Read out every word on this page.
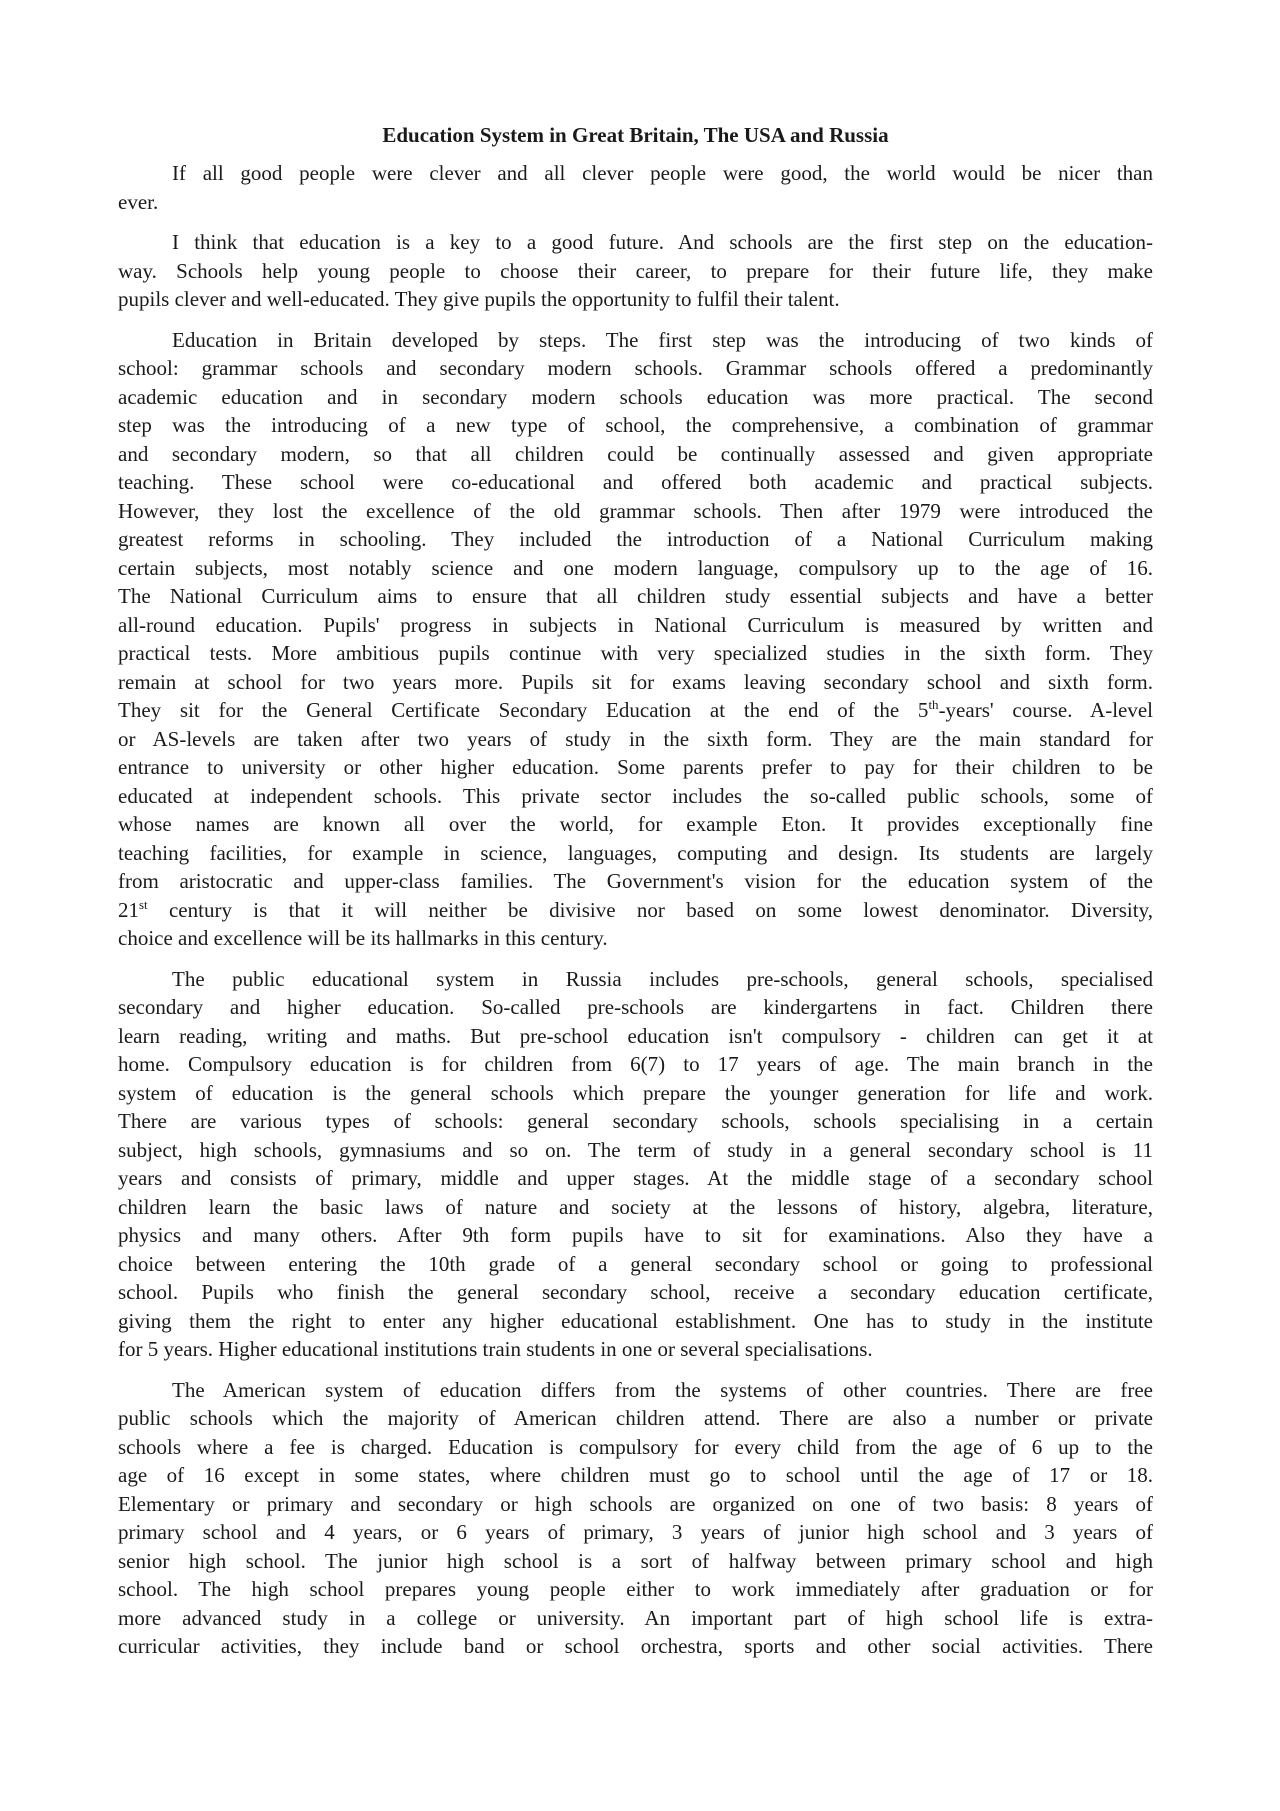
Education System in Great Britain, The USA and Russia
If all good people were clever and all clever people were good, the world would be nicer than
ever.
I think that education is a key to a good future. And schools are the first step on the education-
way. Schools help young people to choose their career, to prepare for their future life, they make
pupils clever and well-educated. They give pupils the opportunity to fulfil their talent.
Education in Britain developed by steps. The first step was the introducing of two kinds of
school: grammar schools and secondary modern schools. Grammar schools offered a predominantly
academic education and in secondary modern schools education was more practical. The second
step was the introducing of a new type of school, the comprehensive, a combination of grammar
and secondary modern, so that all children could be continually assessed and given appropriate
teaching. These school were co-educational and offered both academic and practical subjects.
However, they lost the excellence of the old grammar schools. Then after 1979 were introduced the
greatest reforms in schooling. They included the introduction of a National Curriculum making
certain subjects, most notably science and one modern language, compulsory up to the age of 16.
The National Curriculum aims to ensure that all children study essential subjects and have a better
all-round education. Pupils' progress in subjects in National Curriculum is measured by written and
practical tests. More ambitious pupils continue with very specialized studies in the sixth form. They
remain at school for two years more. Pupils sit for exams leaving secondary school and sixth form.
They sit for the General Certificate Secondary Education at the end of the 5th-years' course. A-level
or AS-levels are taken after two years of study in the sixth form. They are the main standard for
entrance to university or other higher education. Some parents prefer to pay for their children to be
educated at independent schools. This private sector includes the so-called public schools, some of
whose names are known all over the world, for example Eton. It provides exceptionally fine
teaching facilities, for example in science, languages, computing and design. Its students are largely
from aristocratic and upper-class families. The Government's vision for the education system of the
21st century is that it will neither be divisive nor based on some lowest denominator. Diversity,
choice and excellence will be its hallmarks in this century.
The public educational system in Russia includes pre-schools, general schools, specialised
secondary and higher education. So-called pre-schools are kindergartens in fact. Children there
learn reading, writing and maths. But pre-school education isn't compulsory - children can get it at
home. Compulsory education is for children from 6(7) to 17 years of age. The main branch in the
system of education is the general schools which prepare the younger generation for life and work.
There are various types of schools: general secondary schools, schools specialising in a certain
subject, high schools, gymnasiums and so on. The term of study in a general secondary school is 11
years and consists of primary, middle and upper stages. At the middle stage of a secondary school
children learn the basic laws of nature and society at the lessons of history, algebra, literature,
physics and many others. After 9th form pupils have to sit for examinations. Also they have a
choice between entering the 10th grade of a general secondary school or going to professional
school. Pupils who finish the general secondary school, receive a secondary education certificate,
giving them the right to enter any higher educational establishment. One has to study in the institute
for 5 years. Higher educational institutions train students in one or several specialisations.
The American system of education differs from the systems of other countries. There are free
public schools which the majority of American children attend. There are also a number or private
schools where a fee is charged. Education is compulsory for every child from the age of 6 up to the
age of 16 except in some states, where children must go to school until the age of 17 or 18.
Elementary or primary and secondary or high schools are organized on one of two basis: 8 years of
primary school and 4 years, or 6 years of primary, 3 years of junior high school and 3 years of
senior high school. The junior high school is a sort of halfway between primary school and high
school. The high school prepares young people either to work immediately after graduation or for
more advanced study in a college or university. An important part of high school life is extra-
curricular activities, they include band or school orchestra, sports and other social activities. There
